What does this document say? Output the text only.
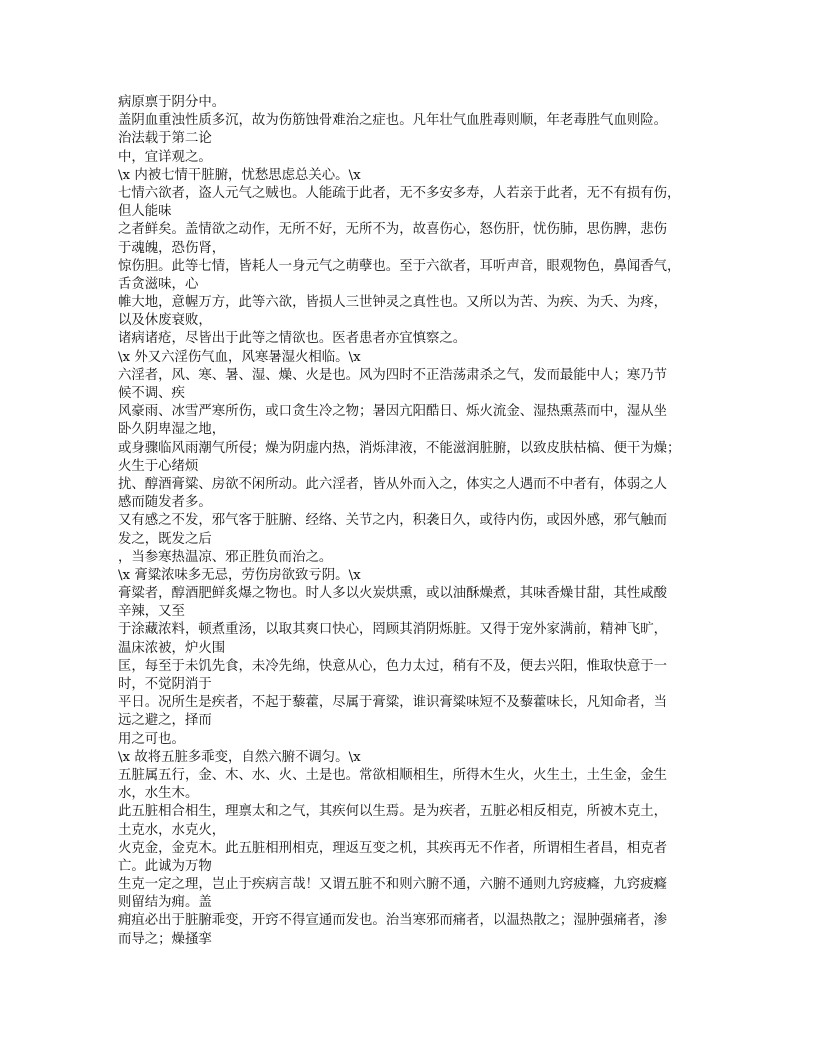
病原禀于阴分中。
盖阴血重浊性质多沉，故为伤筋蚀骨难治之症也。凡年壮气血胜毒则顺，年老毒胜气血则险。
治法载于第二论
中，宜详观之。
\x 内被七情干脏腑，忧愁思虑总关心。\x
七情六欲者，盗人元气之贼也。人能疏于此者，无不多安多寿，人若亲于此者，无不有损有伤，
但人能味
之者鲜矣。盖情欲之动作，无所不好，无所不为，故喜伤心，怒伤肝，忧伤肺，思伤脾，悲伤
于魂魄，恐伤肾，
惊伤胆。此等七情，皆耗人一身元气之萌孽也。至于六欲者，耳听声音，眼观物色，鼻闻香气，
舌贪滋味，心
帷大地，意幄万方，此等六欲，皆损人三世钟灵之真性也。又所以为苦、为疾、为夭、为疼，
以及休废衰败，
诸病诸疮，尽皆出于此等之情欲也。医者患者亦宜慎察之。
\x 外又六淫伤气血，风寒暑湿火相临。\x
六淫者，风、寒、暑、湿、燥、火是也。风为四时不正浩荡肃杀之气，发而最能中人；寒乃节
候不调、疾
风豪雨、冰雪严寒所伤，或口贪生冷之物；暑因亢阳酷日、烁火流金、湿热熏蒸而中，湿从坐
卧久阴卑湿之地，
或身骤临风雨潮气所侵；燥为阴虚内热，消烁津液，不能滋润脏腑，以致皮肤枯槁、便干为燥；
火生于心绪烦
扰、醇酒膏粱、房欲不闲所动。此六淫者，皆从外而入之，体实之人遇而不中者有，体弱之人
感而随发者多。
又有感之不发，邪气客于脏腑、经络、关节之内，积袭日久，或待内伤，或因外感，邪气触而
发之，既发之后
，当参寒热温凉、邪正胜负而治之。
\x 膏粱浓味多无忌，劳伤房欲致亏阴。\x
膏粱者，醇酒肥鲜炙爆之物也。时人多以火炭烘熏，或以油酥燥煮，其味香燥甘甜，其性咸酸
辛辣，又至
于涂藏浓料，顿煮重汤，以取其爽口快心，罔顾其消阴烁脏。又得于宠外家满前，精神飞旷，
温床浓被，炉火围
匡，每至于未饥先食，未冷先绵，快意从心，色力太过，稍有不及，便去兴阳，惟取快意于一
时，不觉阴消于
平日。况所生是疾者，不起于藜藿，尽属于膏粱，谁识膏粱味短不及藜藿味长，凡知命者，当
远之避之，择而
用之可也。
\x 故将五脏多乖变，自然六腑不调匀。\x
五脏属五行，金、木、水、火、土是也。常欲相顺相生，所得木生火，火生土，土生金，金生
水，水生木。
此五脏相合相生，理禀太和之气，其疾何以生焉。是为疾者，五脏必相反相克，所被木克土，
土克水，水克火，
火克金，金克木。此五脏相刑相克，理返互变之机，其疾再无不作者，所谓相生者昌，相克者
亡。此诚为万物
生克一定之理，岂止于疾病言哉！又谓五脏不和则六腑不通，六腑不通则九窍疲癃，九窍疲癃
则留结为痈。盖
痈疽必出于脏腑乖变，开窍不得宣通而发也。治当寒邪而痛者，以温热散之；湿肿强痛者，渗
而导之；燥搔挛
